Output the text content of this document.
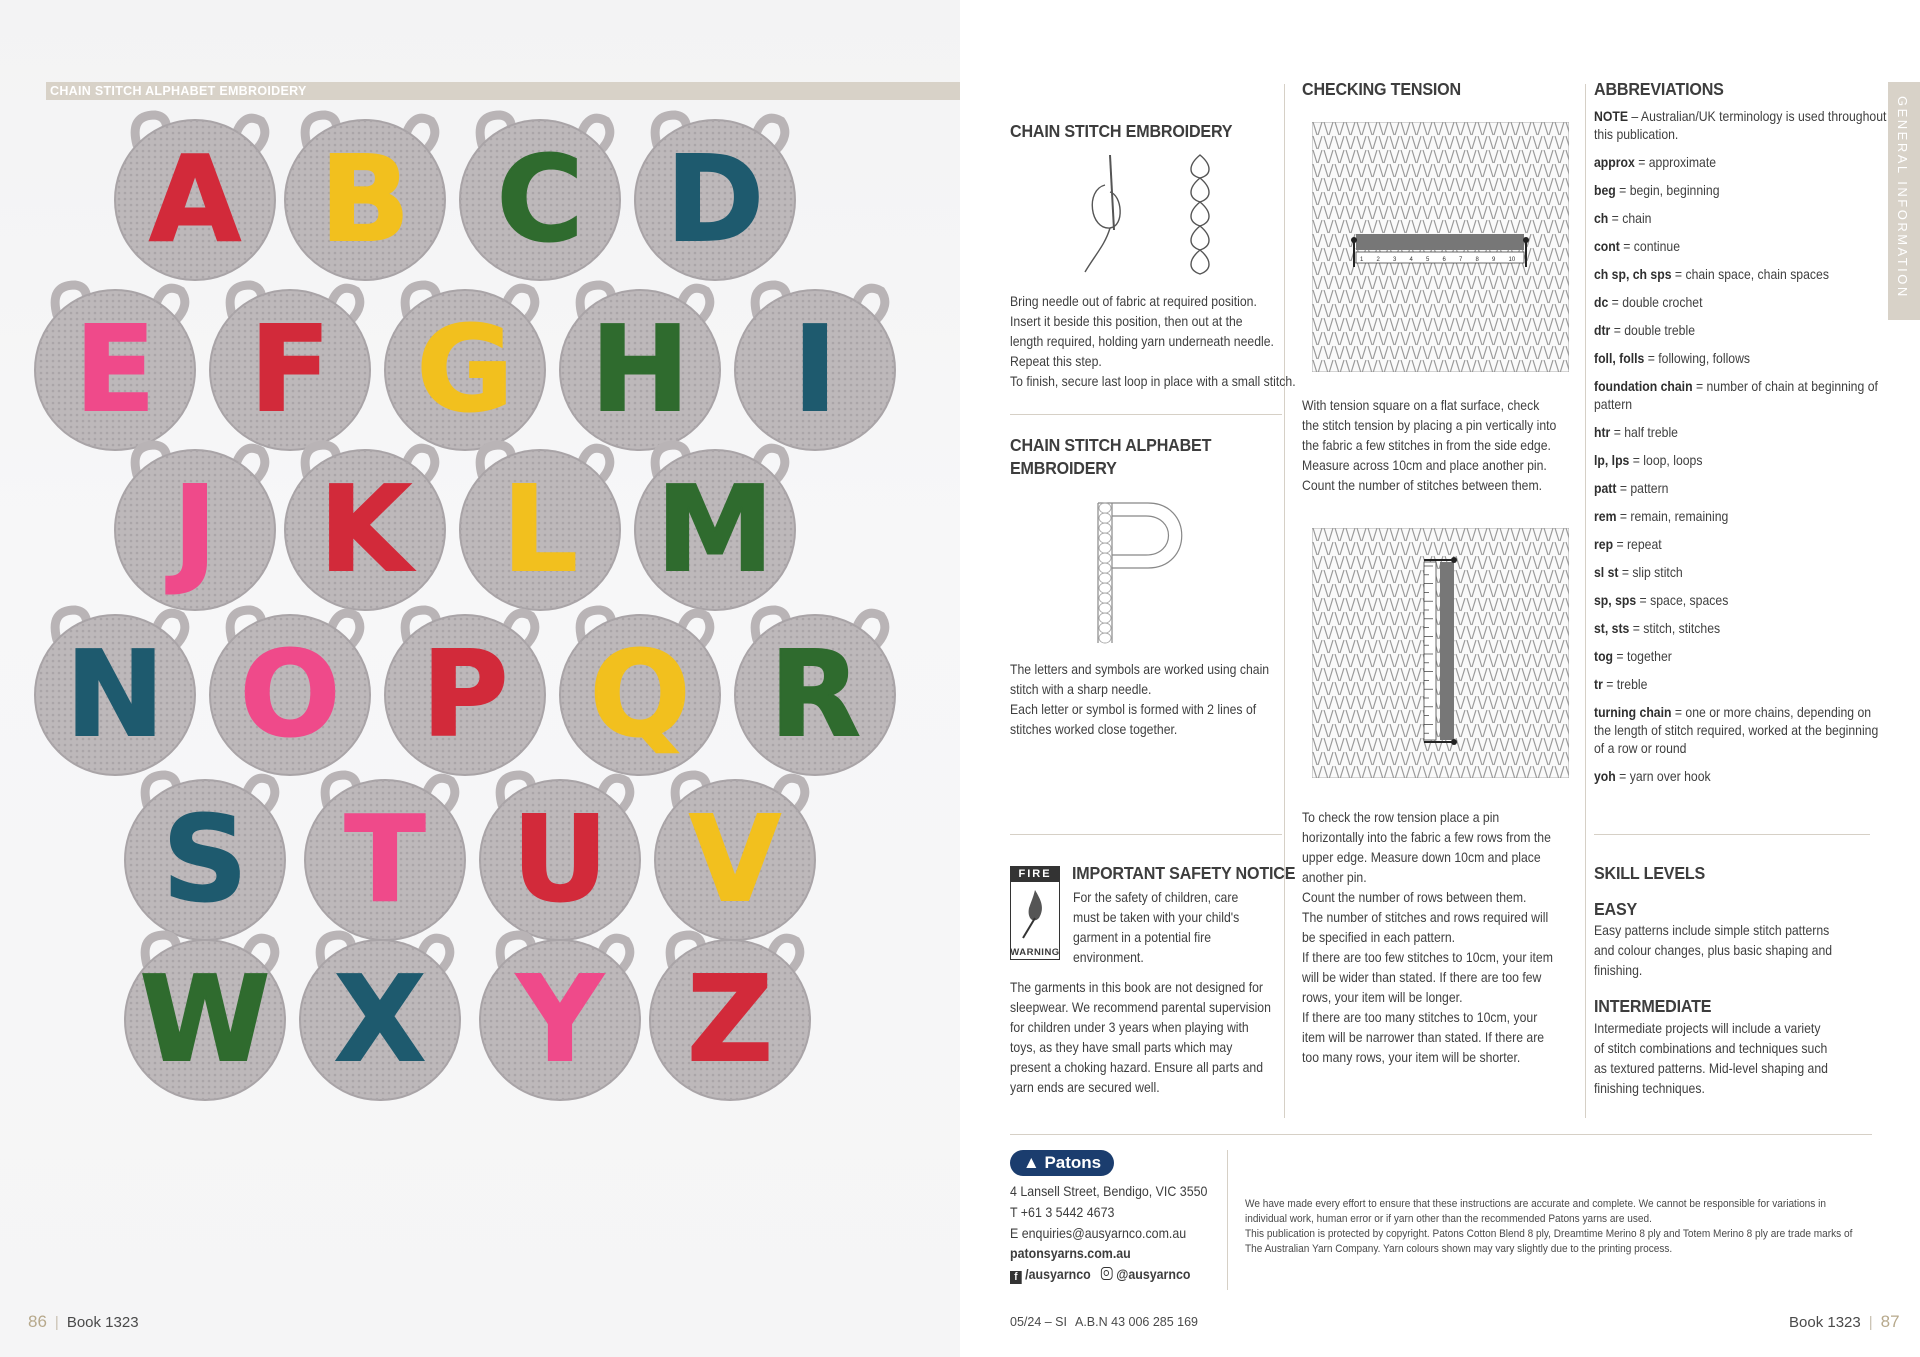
A B C D
E F G H I
J K L M
N O P Q R
S T U V
W X Y Z
86 | Book 1323
CHAIN STITCH ALPHABET EMBROIDERY
CHAIN STITCH EMBROIDERY

Bring needle out of fabric at required position.

Insert it beside this position, then out at the

length required, holding yarn underneath needle.

Repeat this step.

To finish, secure last loop in place with a small stitch.

CHAIN STITCH ALPHABET
EMBROIDERY
P

The letters and symbols are worked using chain

stitch with a sharp needle.

Each letter or symbol is formed with 2 lines of

stitches worked close together.

FIRE
WARNING
IMPORTANT SAFETY NOTICE

For the safety of children, care

must be taken with your child's

garment in a potential fire

environment.

The garments in this book are not designed for

sleepwear. We recommend parental supervision

for children under 3 years when playing with

toys, as they have small parts which may

present a choking hazard. Ensure all parts and

yarn ends are secured well.

CHECKING TENSION
1 2 3 4 5 6 7 8 9 10

With tension square on a flat surface, check

the stitch tension by placing a pin vertically into

the fabric a few stitches in from the side edge.

Measure across 10cm and place another pin.

Count the number of stitches between them.

To check the row tension place a pin

horizontally into the fabric a few rows from the

upper edge. Measure down 10cm and place

another pin.

Count the number of rows between them.

The number of stitches and rows required will

be specified in each pattern.

If there are too few stitches to 10cm, your item

will be wider than stated. If there are too few

rows, your item will be longer.

If there are too many stitches to 10cm, your

item will be narrower than stated. If there are

too many rows, your item will be shorter.

ABBREVIATIONS
NOTE – Australian/UK terminology is used throughout this publication.
approx = approximate
beg = begin, beginning
ch = chain
cont = continue
ch sp, ch sps = chain space, chain spaces
dc = double crochet
dtr = double treble
foll, folls = following, follows
foundation chain = number of chain at beginning of pattern
htr = half treble
lp, lps = loop, loops
patt = pattern
rem = remain, remaining
rep = repeat
sl st = slip stitch
sp, sps = space, spaces
st, sts = stitch, stitches
tog = together
tr = treble
turning chain = one or more chains, depending on the length of stitch required, worked at the beginning of a row or round
yoh = yarn over hook
SKILL LEVELS
EASY

Easy patterns include simple stitch patterns

and colour changes, plus basic shaping and

finishing.

INTERMEDIATE

Intermediate projects will include a variety

of stitch combinations and techniques such

as textured patterns. Mid-level shaping and

finishing techniques.

GENERAL INFORMATION
▲ Patons
4 Lansell Street, Bendigo, VIC 3550
T +61 3 5442 4673
E enquiries@ausyarnco.com.au
patonsyarns.com.au
f /ausyarnco @ausyarnco

We have made every effort to ensure that these instructions are accurate and complete. We cannot be responsible for variations in

individual work, human error or if yarn other than the recommended Patons yarns are used.

This publication is protected by copyright. Patons Cotton Blend 8 ply, Dreamtime Merino 8 ply and Totem Merino 8 ply are trade marks of

The Australian Yarn Company. Yarn colours shown may vary slightly due to the printing process.

05/24 – SI A.B.N 43 006 285 169	Book 1323 | 87
